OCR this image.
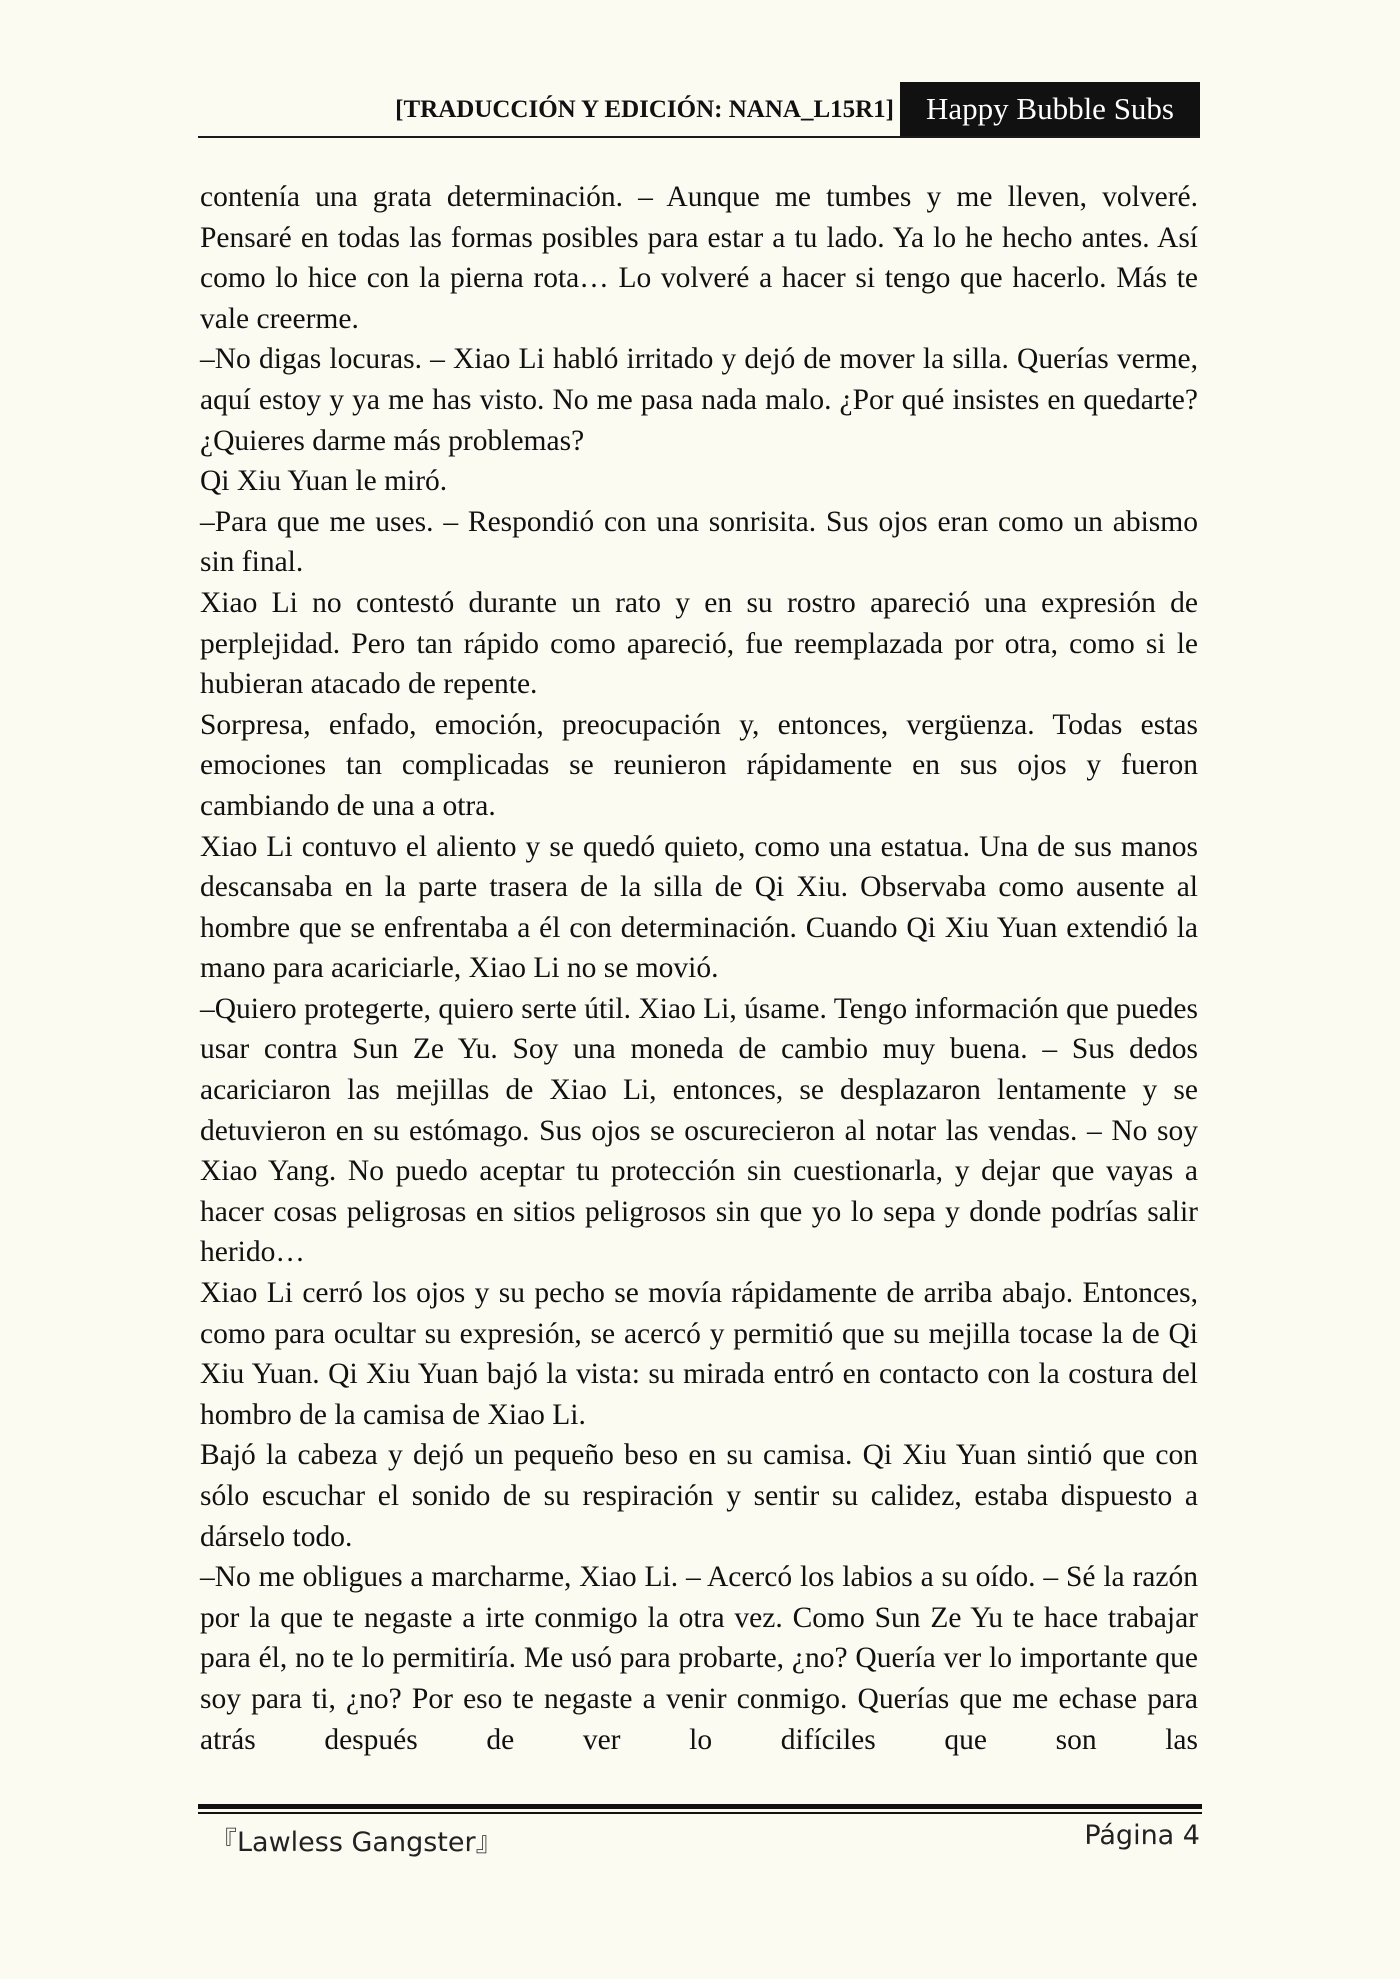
[TRADUCCIÓN Y EDICIÓN: NANA_L15R1]	Happy Bubble Subs

contenía una grata determinación. – Aunque me tumbes y me lleven, volveré. Pensaré en todas las formas posibles para estar a tu lado. Ya lo he hecho antes. Así como lo hice con la pierna rota… Lo volveré a hacer si tengo que hacerlo. Más te vale creerme.

–No digas locuras. – Xiao Li habló irritado y dejó de mover la silla. Querías verme, aquí estoy y ya me has visto. No me pasa nada malo. ¿Por qué insistes en quedarte? ¿Quieres darme más problemas?

Qi Xiu Yuan le miró.

–Para que me uses. – Respondió con una sonrisita. Sus ojos eran como un abismo sin final.

Xiao Li no contestó durante un rato y en su rostro apareció una expresión de perplejidad. Pero tan rápido como apareció, fue reemplazada por otra, como si le hubieran atacado de repente.

Sorpresa, enfado, emoción, preocupación y, entonces, vergüenza. Todas estas emociones tan complicadas se reunieron rápidamente en sus ojos y fueron cambiando de una a otra.

Xiao Li contuvo el aliento y se quedó quieto, como una estatua. Una de sus manos descansaba en la parte trasera de la silla de Qi Xiu. Observaba como ausente al hombre que se enfrentaba a él con determinación. Cuando Qi Xiu Yuan extendió la mano para acariciarle, Xiao Li no se movió.

–Quiero protegerte, quiero serte útil. Xiao Li, úsame. Tengo información que puedes usar contra Sun Ze Yu. Soy una moneda de cambio muy buena. – Sus dedos acariciaron las mejillas de Xiao Li, entonces, se desplazaron lentamente y se detuvieron en su estómago. Sus ojos se oscurecieron al notar las vendas. – No soy Xiao Yang. No puedo aceptar tu protección sin cuestionarla, y dejar que vayas a hacer cosas peligrosas en sitios peligrosos sin que yo lo sepa y donde podrías salir herido…

Xiao Li cerró los ojos y su pecho se movía rápidamente de arriba abajo. Entonces, como para ocultar su expresión, se acercó y permitió que su mejilla tocase la de Qi Xiu Yuan. Qi Xiu Yuan bajó la vista: su mirada entró en contacto con la costura del hombro de la camisa de Xiao Li.

Bajó la cabeza y dejó un pequeño beso en su camisa. Qi Xiu Yuan sintió que con sólo escuchar el sonido de su respiración y sentir su calidez, estaba dispuesto a dárselo todo.

–No me obligues a marcharme, Xiao Li. – Acercó los labios a su oído. – Sé la razón por la que te negaste a irte conmigo la otra vez. Como Sun Ze Yu te hace trabajar para él, no te lo permitiría. Me usó para probarte, ¿no? Quería ver lo importante que soy para ti, ¿no? Por eso te negaste a venir conmigo. Querías que me echase para atrás después de ver lo difíciles que son las

『Lawless Gangster』	Página 4
